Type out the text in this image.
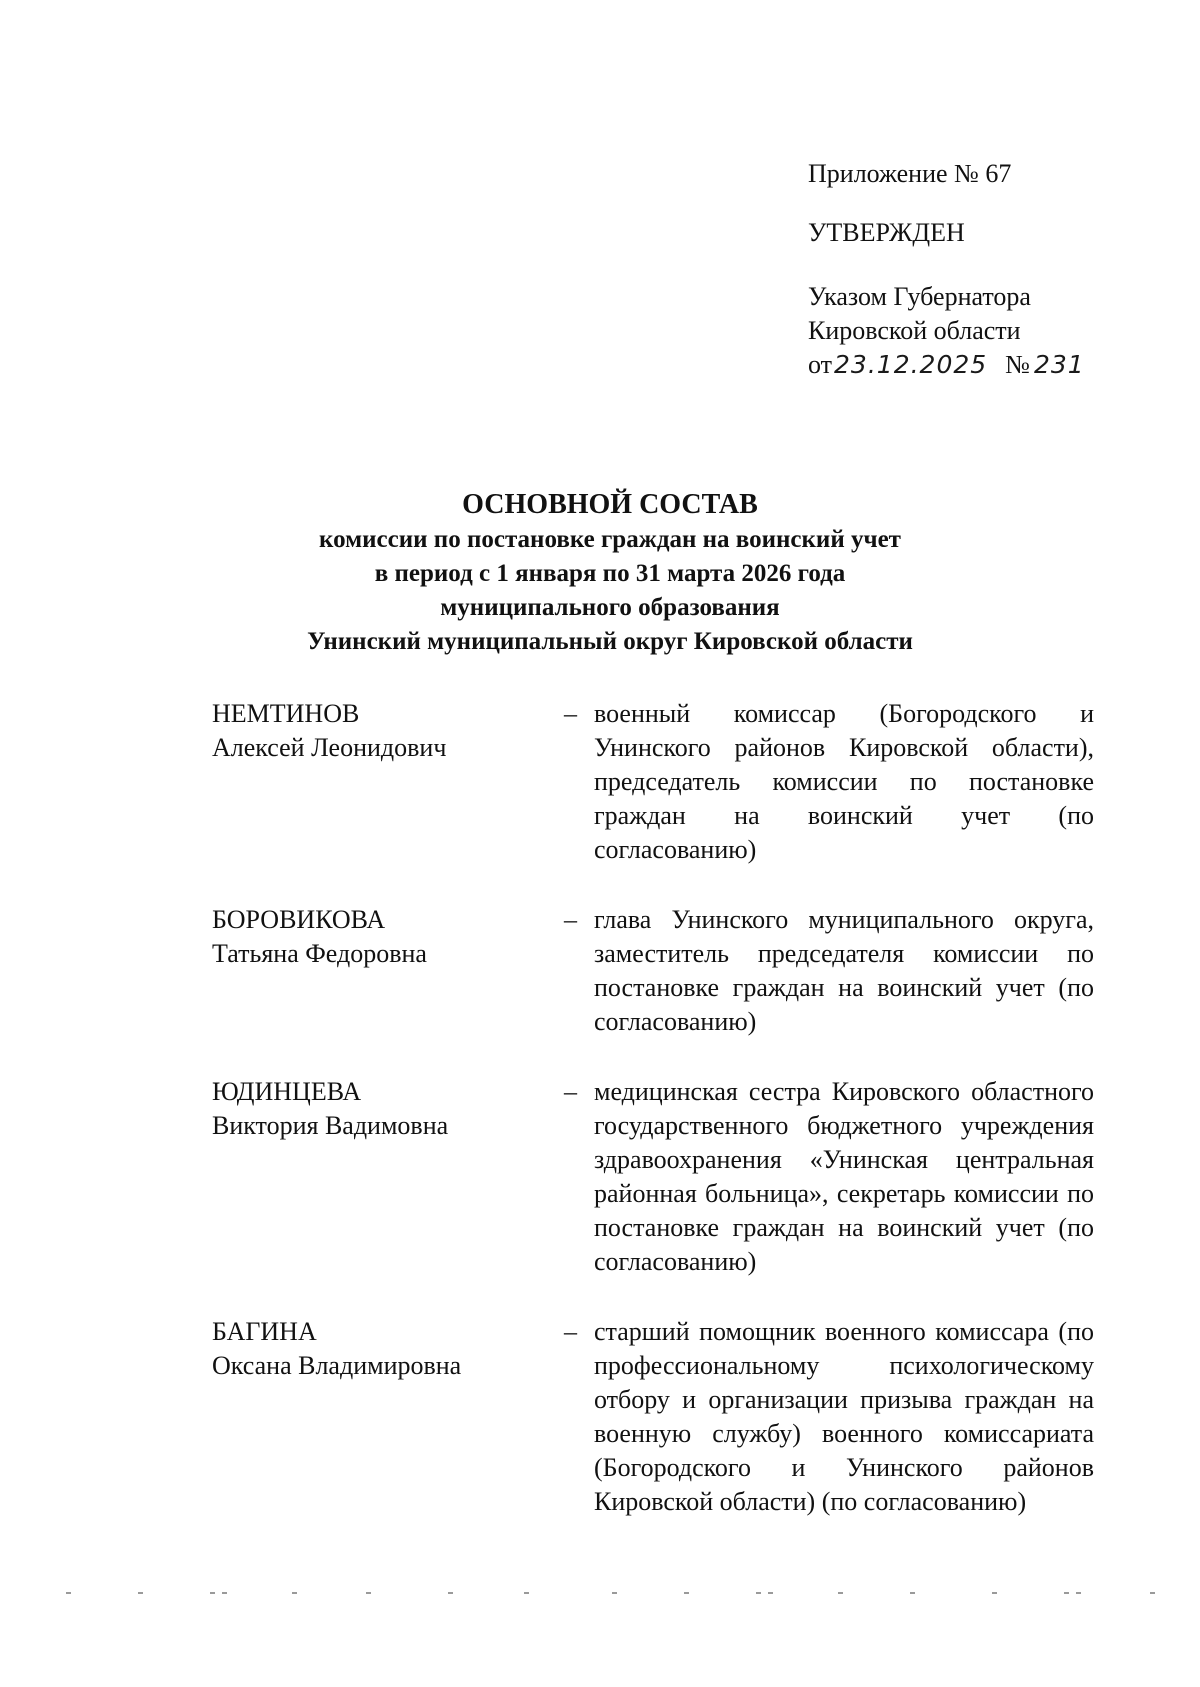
Приложение № 67
УТВЕРЖДЕН
Указом Губернатора
Кировской области
от23.12.2025 № 231
ОСНОВНОЙ СОСТАВ
комиссии по постановке граждан на воинский учет
в период с 1 января по 31 марта 2026 года
муниципального образования
Унинский муниципальный округ Кировской области
НЕМТИНОВ
Алексей Леонидович
– военный комиссар (Богородского и Унинского районов Кировской области), председатель комиссии по постановке граждан на воинский учет (по согласованию)
БОРОВИКОВА
Татьяна Федоровна
– глава Унинского муниципального округа, заместитель председателя комиссии по постановке граждан на воинский учет (по согласованию)
ЮДИНЦЕВА
Виктория Вадимовна
– медицинская сестра Кировского областного государственного бюджетного учреждения здравоохранения «Унинская центральная районная больница», секретарь комиссии по постановке граждан на воинский учет (по согласованию)
БАГИНА
Оксана Владимировна
– старший помощник военного комиссара (по профессиональному психологическому отбору и организации призыва граждан на военную службу) военного комиссариата (Богородского и Унинского районов Кировской области) (по согласованию)
